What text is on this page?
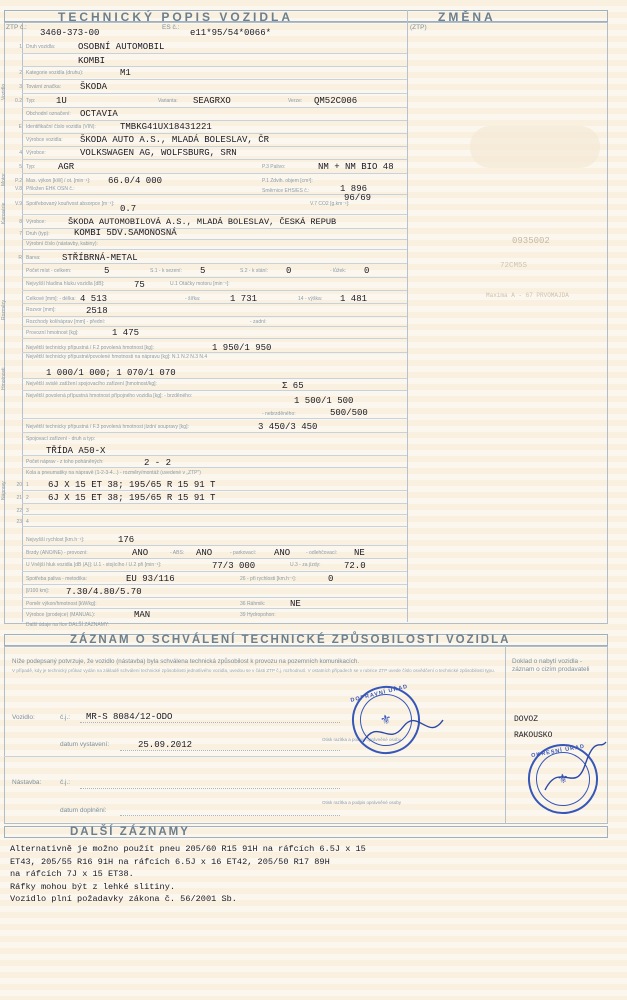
TECHNICKÝ POPIS VOZIDLA	ZMĚNA
ZTP č.:
3460-373-00
ES č.:
e11*95/54*0066*
(ZTP)
Vozidlo
Motor
Karosérie
Rozměry
Hmotnosti
Nápravy
1 Druh vozidla:	OSOBNÍ AUTOMOBIL
KOMBI
2 Kategorie vozidla (druhu):	M1
3 Tovární značka: ŠKODA
0.2 Typ: 1U	Varianta: SEAGRXO	Verze: QM52C006
Obchodní označení: OCTAVIA
E Identifikační číslo vozidla (VIN):	TMBKG41UX18431221
Výrobce vozidla: ŠKODA AUTO A.S., MLADÁ BOLESLAV, ČR
4 Výrobce:	VOLKSWAGEN AG, WOLFSBURG, SRN
5 Typ:	AGR	P.3 Palivo:	NM + NM BIO 48
P.2 Max. výkon [kW] / ot. [min⁻¹]: 66.0/4 000	P.1 Zdvih. objem [cm³]:
1 896
V.8 Přiložen EHK OSN č.:	Směrnice EHS/ES č.:
96/69
V.9 Spotřebovaný kouřivost absorpce [m⁻¹]: 0.7	V.7 CO2 [g.km⁻¹]:
8 Výrobce:	ŠKODA AUTOMOBILOVÁ A.S., MLADÁ BOLESLAV, ČESKÁ REPUB
7 Druh (typ):	KOMBI 5DV.SAMONOSNÁ
Výrobní číslo (nástavby, kabiny):
R Barva: STŘÍBRNÁ-METAL
Počet míst - celkem:	5	S.1 - k sezení: 5	S.2 - k stání: 0	- lůžek: 0
Nejvyšší hladina hluku vozidla [dB]:	75	U.1 Otáčky motoru [min⁻¹]:
Celkové [mm]: - délka: 4 513	- šířka:	1 731	14 - výška: 1 481
Rozvor [mm]:	2518
Rozchody kol/náprav [mm] - přední:	- zadní:
Provozní hmotnost [kg]:	1 475
Největší technicky přípustná / F.2 povolená hmotnost [kg]:	1 950/1 950
Největší technicky přípustné/povolené hmotnosti na nápravu [kg]: N.1 N.2 N.3 N.4
1 000/1 000; 1 070/1 070
Největší svislé zatížení spojovacího zařízení [hmotnost/kg]:	Σ 65
Největší povolená přípustná hmotnost přípojného vozidla [kg]: - brzděného:	1 500/1 500
- nebrzděného:	500/500
Největší technicky přípustná / F.3 povolená hmotnost jízdní soupravy [kg]:	3 450/3 450
Spojovací zařízení - druh a typ:
TŘÍDA A50-X
Počet náprav - z toho poháněných:	2 - 2
Kola a pneumatiky na nápravě (1-2-3-4...) - rozměry/montáž (uvedené v „ZTP")
20 1 6J X 15 ET 38; 195/65 R 15 91 T
21 2 6J X 15 ET 38; 195/65 R 15 91 T
22 3
23 4
Nejvyšší rychlost [km.h⁻¹]:	176
Brzdy (ANO/NE) - provozní:	ANO	- ABS: ANO	- parkovací: ANO	- odlehčovací: NE
U Vnější hluk vozidla [dB (A)]: U.1 - stojícího / U.2 při [min⁻¹]:	77/3 000	U.3 - za jízdy:	72.0
Spotřeba paliva - metodika:	EU 93/116	26 - při rychlosti [km.h⁻¹]:	0
[l/100 km]: 7.30/4.80/5.70
Poměr výkon/hmotnost [kW/kg]:	36 Ráhmik:	NE
Výrobce (prodejce) (MANUAL):	MAN	39 Hydropohon:
Další údaje na líce DALŠÍ ZÁZNAMY:
0935002
72CM5S
Maxima A - 67 PRVOMAJDA
ZÁZNAM O SCHVÁLENÍ TECHNICKÉ ZPŮSOBILOSTI VOZIDLA
Níže podepsaný potvrzuje, že vozidlo (nástavba) byla schválena technická způsobilost k provozu na pozemních komunikacích.
V případě, kdy je technický průkaz vydán na základě schválení technické způsobilosti jednotlivého vozidla, uvedou se v části ZTP č.j. rozhodnutí. V ostatních případech se v rubrice ZTP uvede číslo osvědčení o technické způsobilosti typu.
Doklad o nabytí vozidla - záznam o cizím prodavateli
Vozidlo:	č.j.: MR-S 8084/12-ODO
datum vystavení:	25.09.2012
Otisk razítka a podpis oprávněné osoby
DOVOZ
RAKOUSKO
Nástavba:	č.j.:
datum doplnění:
Otisk razítka a podpis oprávněné osoby
DOPRAVNÍ ÚŘAD
⚜
OKRESNÍ ÚŘAD
⚜
DALŠÍ ZÁZNAMY
Alternativně je možno použít pneu 205/60 R15 91H na ráfcích 6.5J x 15
ET43, 205/55 R16 91H na ráfcích 6.5J x 16 ET42, 205/50 R17 89H
na ráfcích 7J x 15 ET38.
Ráfky mohou být z lehké slitiny.
Vozidlo plní požadavky zákona č. 56/2001 Sb.
